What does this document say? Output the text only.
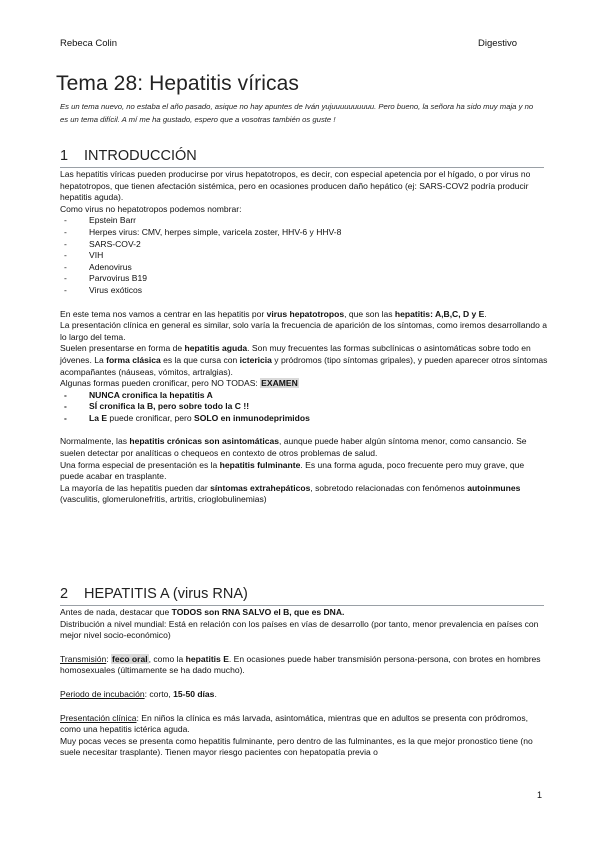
Rebeca Colin	Digestivo
Tema 28: Hepatitis víricas
Es un tema nuevo, no estaba el año pasado, asique no hay apuntes de Iván yujuuuuuuuuuu. Pero bueno, la señora ha sido muy maja y no es un tema difícil. A mí me ha gustado, espero que a vosotras también os guste !
1 INTRODUCCIÓN

Las hepatitis víricas pueden producirse por virus hepatotropos, es decir, con especial apetencia por el hígado, o por virus no hepatotropos, que tienen afectación sistémica, pero en ocasiones producen daño hepático (ej: SARS-COV2 podría producir hepatitis aguda).

Como virus no hepatotropos podemos nombrar:

- Epstein Barr
- Herpes virus: CMV, herpes simple, varicela zoster, HHV-6 y HHV-8
- SARS-COV-2
- VIH
- Adenovirus
- Parvovirus B19
- Virus exóticos

En este tema nos vamos a centrar en las hepatitis por virus hepatotropos, que son las hepatitis: A,B,C, D y E.

La presentación clínica en general es similar, solo varía la frecuencia de aparición de los síntomas, como iremos desarrollando a lo largo del tema.

Suelen presentarse en forma de hepatitis aguda. Son muy frecuentes las formas subclínicas o asintomáticas sobre todo en jóvenes. La forma clásica es la que cursa con ictericia y pródromos (tipo síntomas gripales), y pueden aparecer otros síntomas acompañantes (náuseas, vómitos, artralgias).

Algunas formas pueden cronificar, pero NO TODAS: EXAMEN

- NUNCA cronifica la hepatitis A
- SÍ cronifica la B, pero sobre todo la C !!
- La E puede cronificar, pero SOLO en inmunodeprimidos

Normalmente, las hepatitis crónicas son asintomáticas, aunque puede haber algún síntoma menor, como cansancio. Se suelen detectar por analíticas o chequeos en contexto de otros problemas de salud.

Una forma especial de presentación es la hepatitis fulminante. Es una forma aguda, poco frecuente pero muy grave, que puede acabar en trasplante.

La mayoría de las hepatitis pueden dar síntomas extrahepáticos, sobretodo relacionadas con fenómenos autoinmunes (vasculitis, glomerulonefritis, artritis, crioglobulinemias)

2 HEPATITIS A (virus RNA)

Antes de nada, destacar que TODOS son RNA SALVO el B, que es DNA.

Distribución a nivel mundial: Está en relación con los países en vías de desarrollo (por tanto, menor prevalencia en países con mejor nivel socio-económico)

Transmisión: feco oral, como la hepatitis E. En ocasiones puede haber transmisión persona-persona, con brotes en hombres homosexuales (últimamente se ha dado mucho).

Periodo de incubación: corto, 15-50 días.

Presentación clínica: En niños la clínica es más larvada, asintomática, mientras que en adultos se presenta con pródromos, como una hepatitis ictérica aguda.

Muy pocas veces se presenta como hepatitis fulminante, pero dentro de las fulminantes, es la que mejor pronostico tiene (no suele necesitar trasplante). Tienen mayor riesgo pacientes con hepatopatía previa o

1
